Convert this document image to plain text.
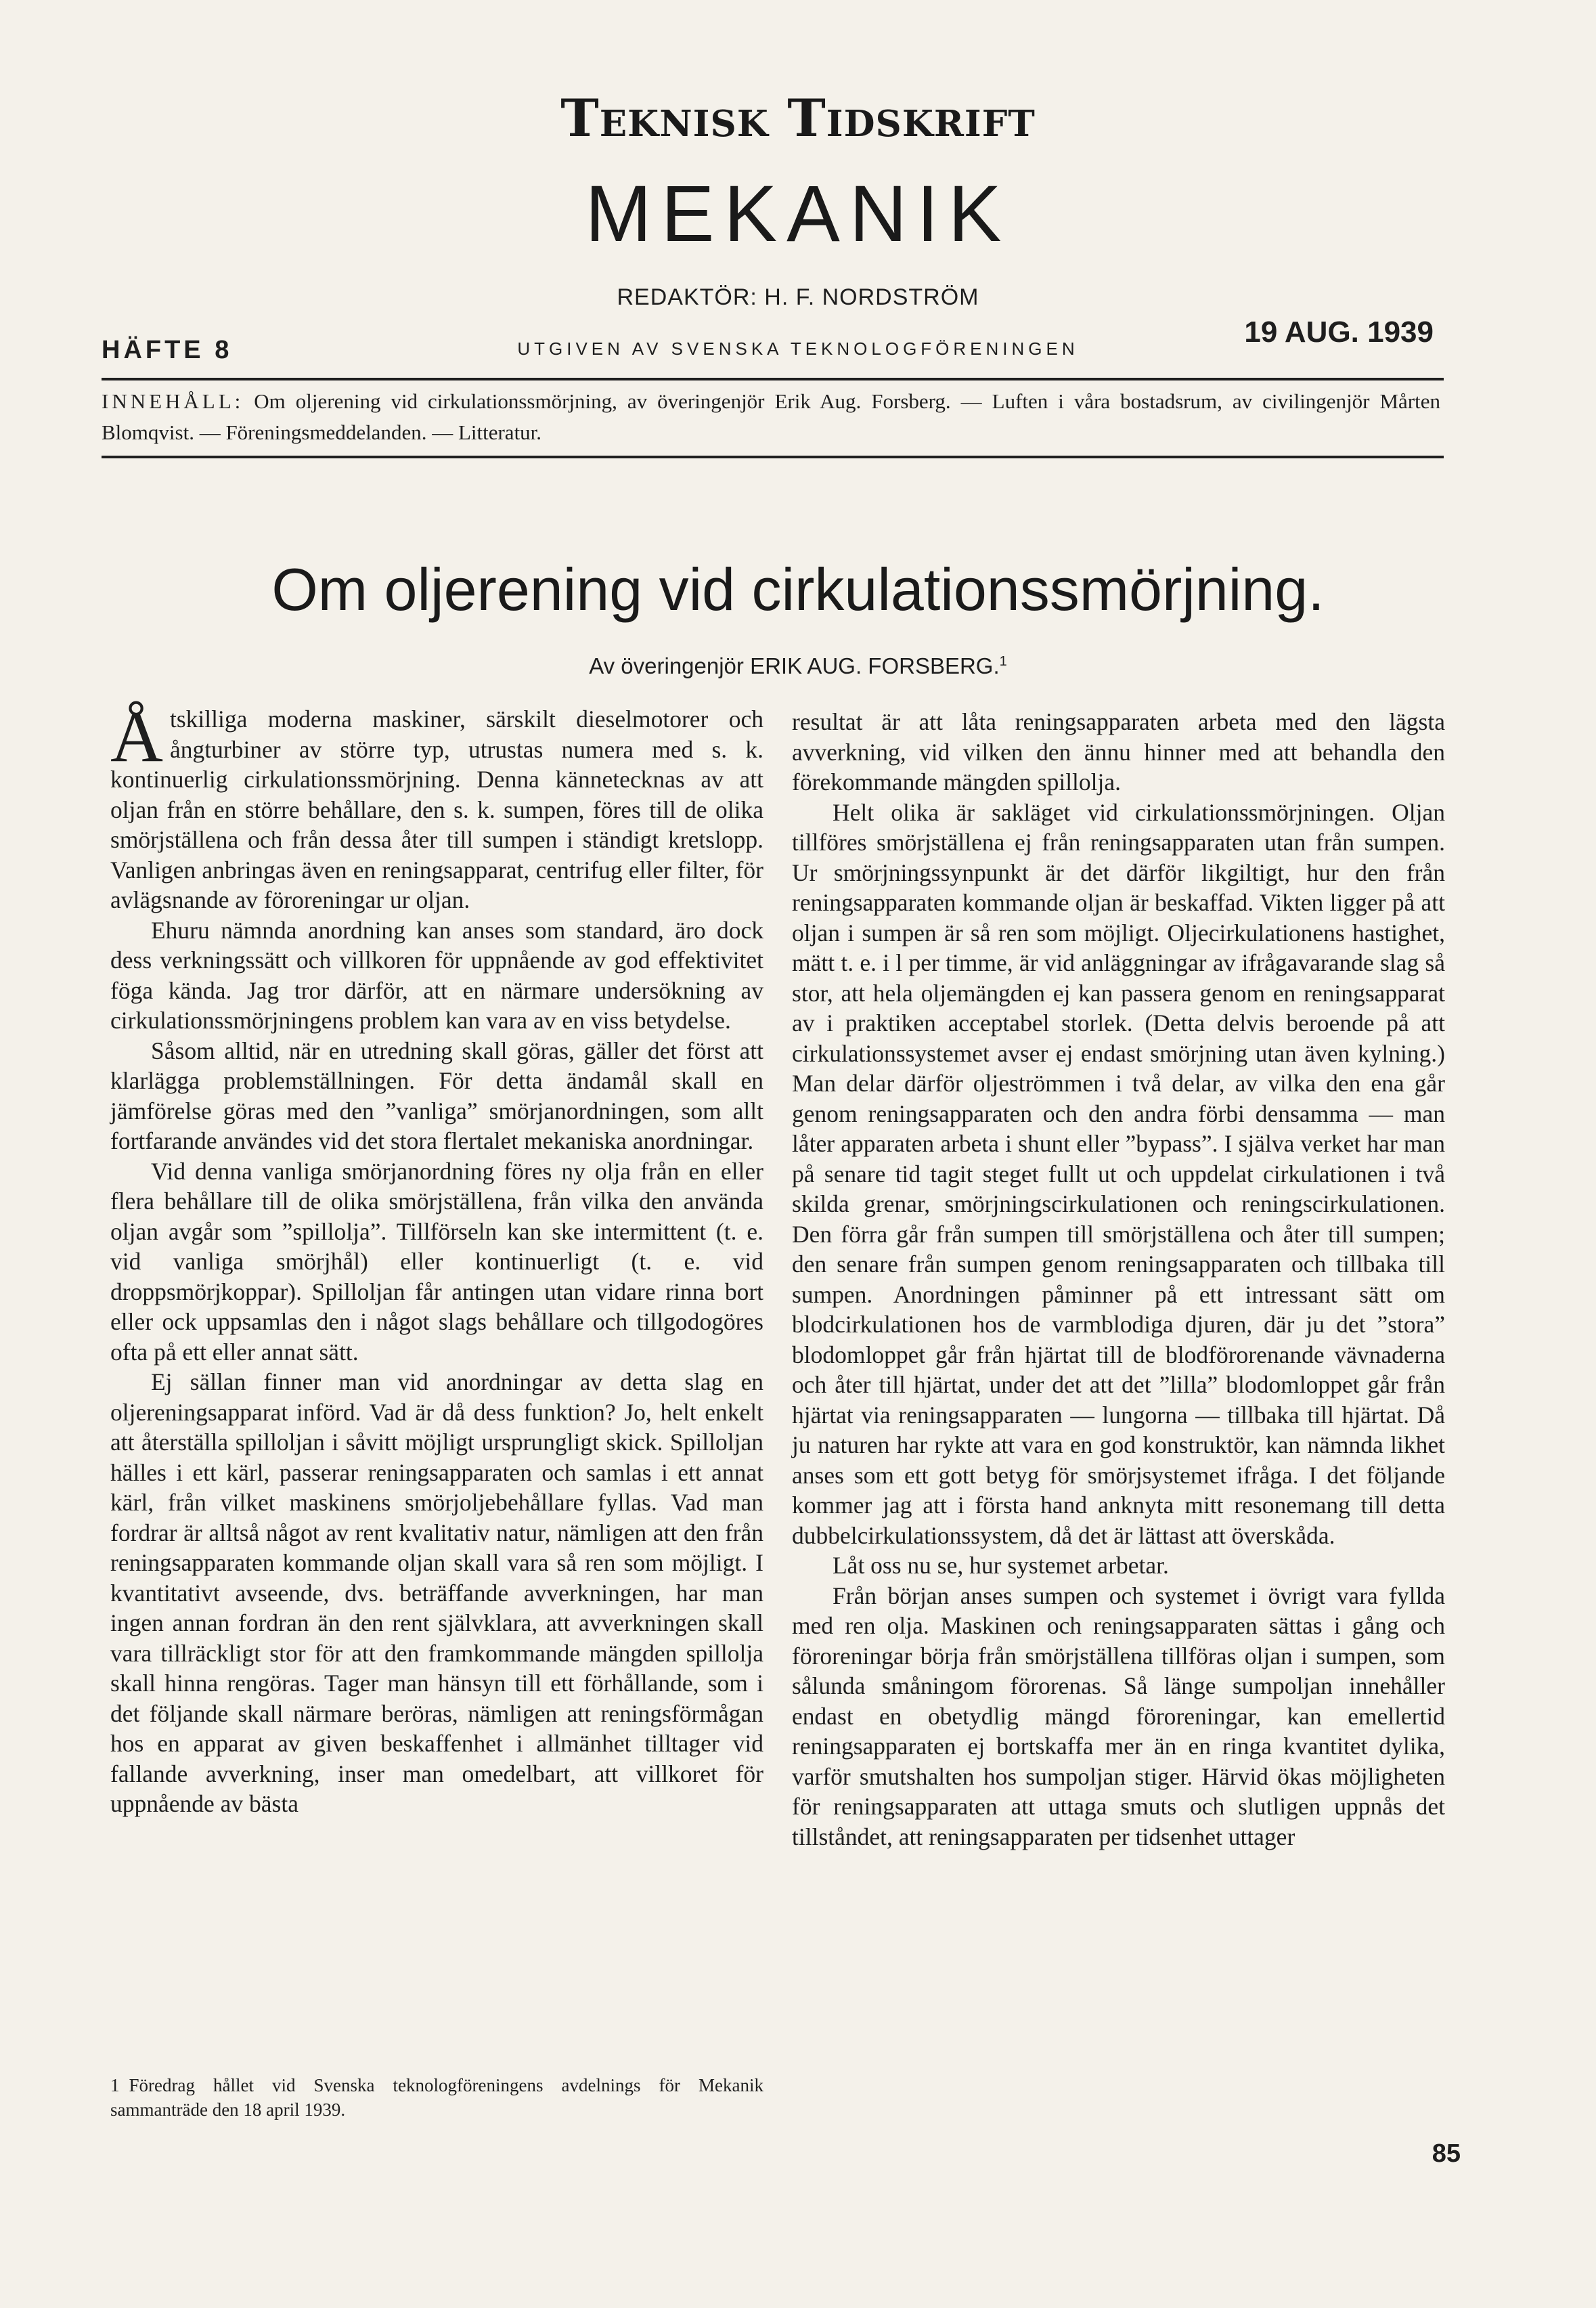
Teknisk Tidskrift
MEKANIK
REDAKTÖR: H. F. NORDSTRÖM
HÄFTE 8	UTGIVEN AV SVENSKA TEKNOLOGFÖRENINGEN	19 AUG. 1939
INNEHÅLL: Om oljerening vid cirkulationssmörjning, av överingenjör Erik Aug. Forsberg. — Luften i våra bostadsrum, av civilingenjör Mårten Blomqvist. — Föreningsmeddelanden. — Litteratur.
Om oljerening vid cirkulationssmörjning.
Av överingenjör ERIK AUG. FORSBERG.$^1$

Åtskilliga moderna maskiner, särskilt dieselmotorer och ångturbiner av större typ, utrustas numera med s. k. kontinuerlig cirkulationssmörjning. Denna kännetecknas av att oljan från en större behållare, den s. k. sumpen, föres till de olika smörjställena och från dessa åter till sumpen i ständigt kretslopp. Vanligen anbringas även en reningsapparat, centrifug eller filter, för avlägsnande av föroreningar ur oljan.

Ehuru nämnda anordning kan anses som standard, äro dock dess verkningssätt och villkoren för uppnående av god effektivitet föga kända. Jag tror därför, att en närmare undersökning av cirkulationssmörjningens problem kan vara av en viss betydelse.

Såsom alltid, när en utredning skall göras, gäller det först att klarlägga problemställningen. För detta ändamål skall en jämförelse göras med den ”vanliga” smörjanordningen, som allt fortfarande användes vid det stora flertalet mekaniska anordningar.

Vid denna vanliga smörjanordning föres ny olja från en eller flera behållare till de olika smörjställena, från vilka den använda oljan avgår som ”spillolja”. Tillförseln kan ske intermittent (t. e. vid vanliga smörjhål) eller kontinuerligt (t. e. vid droppsmörjkoppar). Spilloljan får antingen utan vidare rinna bort eller ock uppsamlas den i något slags behållare och tillgodogöres ofta på ett eller annat sätt.

Ej sällan finner man vid anordningar av detta slag en oljereningsapparat införd. Vad är då dess funktion? Jo, helt enkelt att återställa spilloljan i såvitt möjligt ursprungligt skick. Spilloljan hälles i ett kärl, passerar reningsapparaten och samlas i ett annat kärl, från vilket maskinens smörjoljebehållare fyllas. Vad man fordrar är alltså något av rent kvalitativ natur, nämligen att den från reningsapparaten kommande oljan skall vara så ren som möjligt. I kvantitativt avseende, dvs. beträffande avverkningen, har man ingen annan fordran än den rent självklara, att avverkningen skall vara tillräckligt stor för att den framkommande mängden spillolja skall hinna rengöras. Tager man hänsyn till ett förhållande, som i det följande skall närmare beröras, nämligen att reningsförmågan hos en apparat av given beskaffenhet i allmänhet tilltager vid fallande avverkning, inser man omedelbart, att villkoret för uppnående av bästa

resultat är att låta reningsapparaten arbeta med den lägsta avverkning, vid vilken den ännu hinner med att behandla den förekommande mängden spillolja.

Helt olika är sakläget vid cirkulationssmörjningen. Oljan tillföres smörjställena ej från reningsapparaten utan från sumpen. Ur smörjningssynpunkt är det därför likgiltigt, hur den från reningsapparaten kommande oljan är beskaffad. Vikten ligger på att oljan i sumpen är så ren som möjligt. Oljecirkulationens hastighet, mätt t. e. i l per timme, är vid anläggningar av ifrågavarande slag så stor, att hela oljemängden ej kan passera genom en reningsapparat av i praktiken acceptabel storlek. (Detta delvis beroende på att cirkulationssystemet avser ej endast smörjning utan även kylning.) Man delar därför oljeströmmen i två delar, av vilka den ena går genom reningsapparaten och den andra förbi densamma — man låter apparaten arbeta i shunt eller ”bypass”. I själva verket har man på senare tid tagit steget fullt ut och uppdelat cirkulationen i två skilda grenar, smörjningscirkulationen och reningscirkulationen. Den förra går från sumpen till smörjställena och åter till sumpen; den senare från sumpen genom reningsapparaten och tillbaka till sumpen. Anordningen påminner på ett intressant sätt om blodcirkulationen hos de varmblodiga djuren, där ju det ”stora” blodomloppet går från hjärtat till de blodförorenande vävnaderna och åter till hjärtat, under det att det ”lilla” blodomloppet går från hjärtat via reningsapparaten — lungorna — tillbaka till hjärtat. Då ju naturen har rykte att vara en god konstruktör, kan nämnda likhet anses som ett gott betyg för smörjsystemet ifråga. I det följande kommer jag att i första hand anknyta mitt resonemang till detta dubbelcirkulationssystem, då det är lättast att överskåda.

Låt oss nu se, hur systemet arbetar.

Från början anses sumpen och systemet i övrigt vara fyllda med ren olja. Maskinen och reningsapparaten sättas i gång och föroreningar börja från smörjställena tillföras oljan i sumpen, som sålunda småningom förorenas. Så länge sumpoljan innehåller endast en obetydlig mängd föroreningar, kan emellertid reningsapparaten ej bortskaffa mer än en ringa kvantitet dylika, varför smutshalten hos sumpoljan stiger. Härvid ökas möjligheten för reningsapparaten att uttaga smuts och slutligen uppnås det tillståndet, att reningsapparaten per tidsenhet uttager

1 Föredrag hållet vid Svenska teknologföreningens avdelnings för Mekanik sammanträde den 18 april 1939.
85
